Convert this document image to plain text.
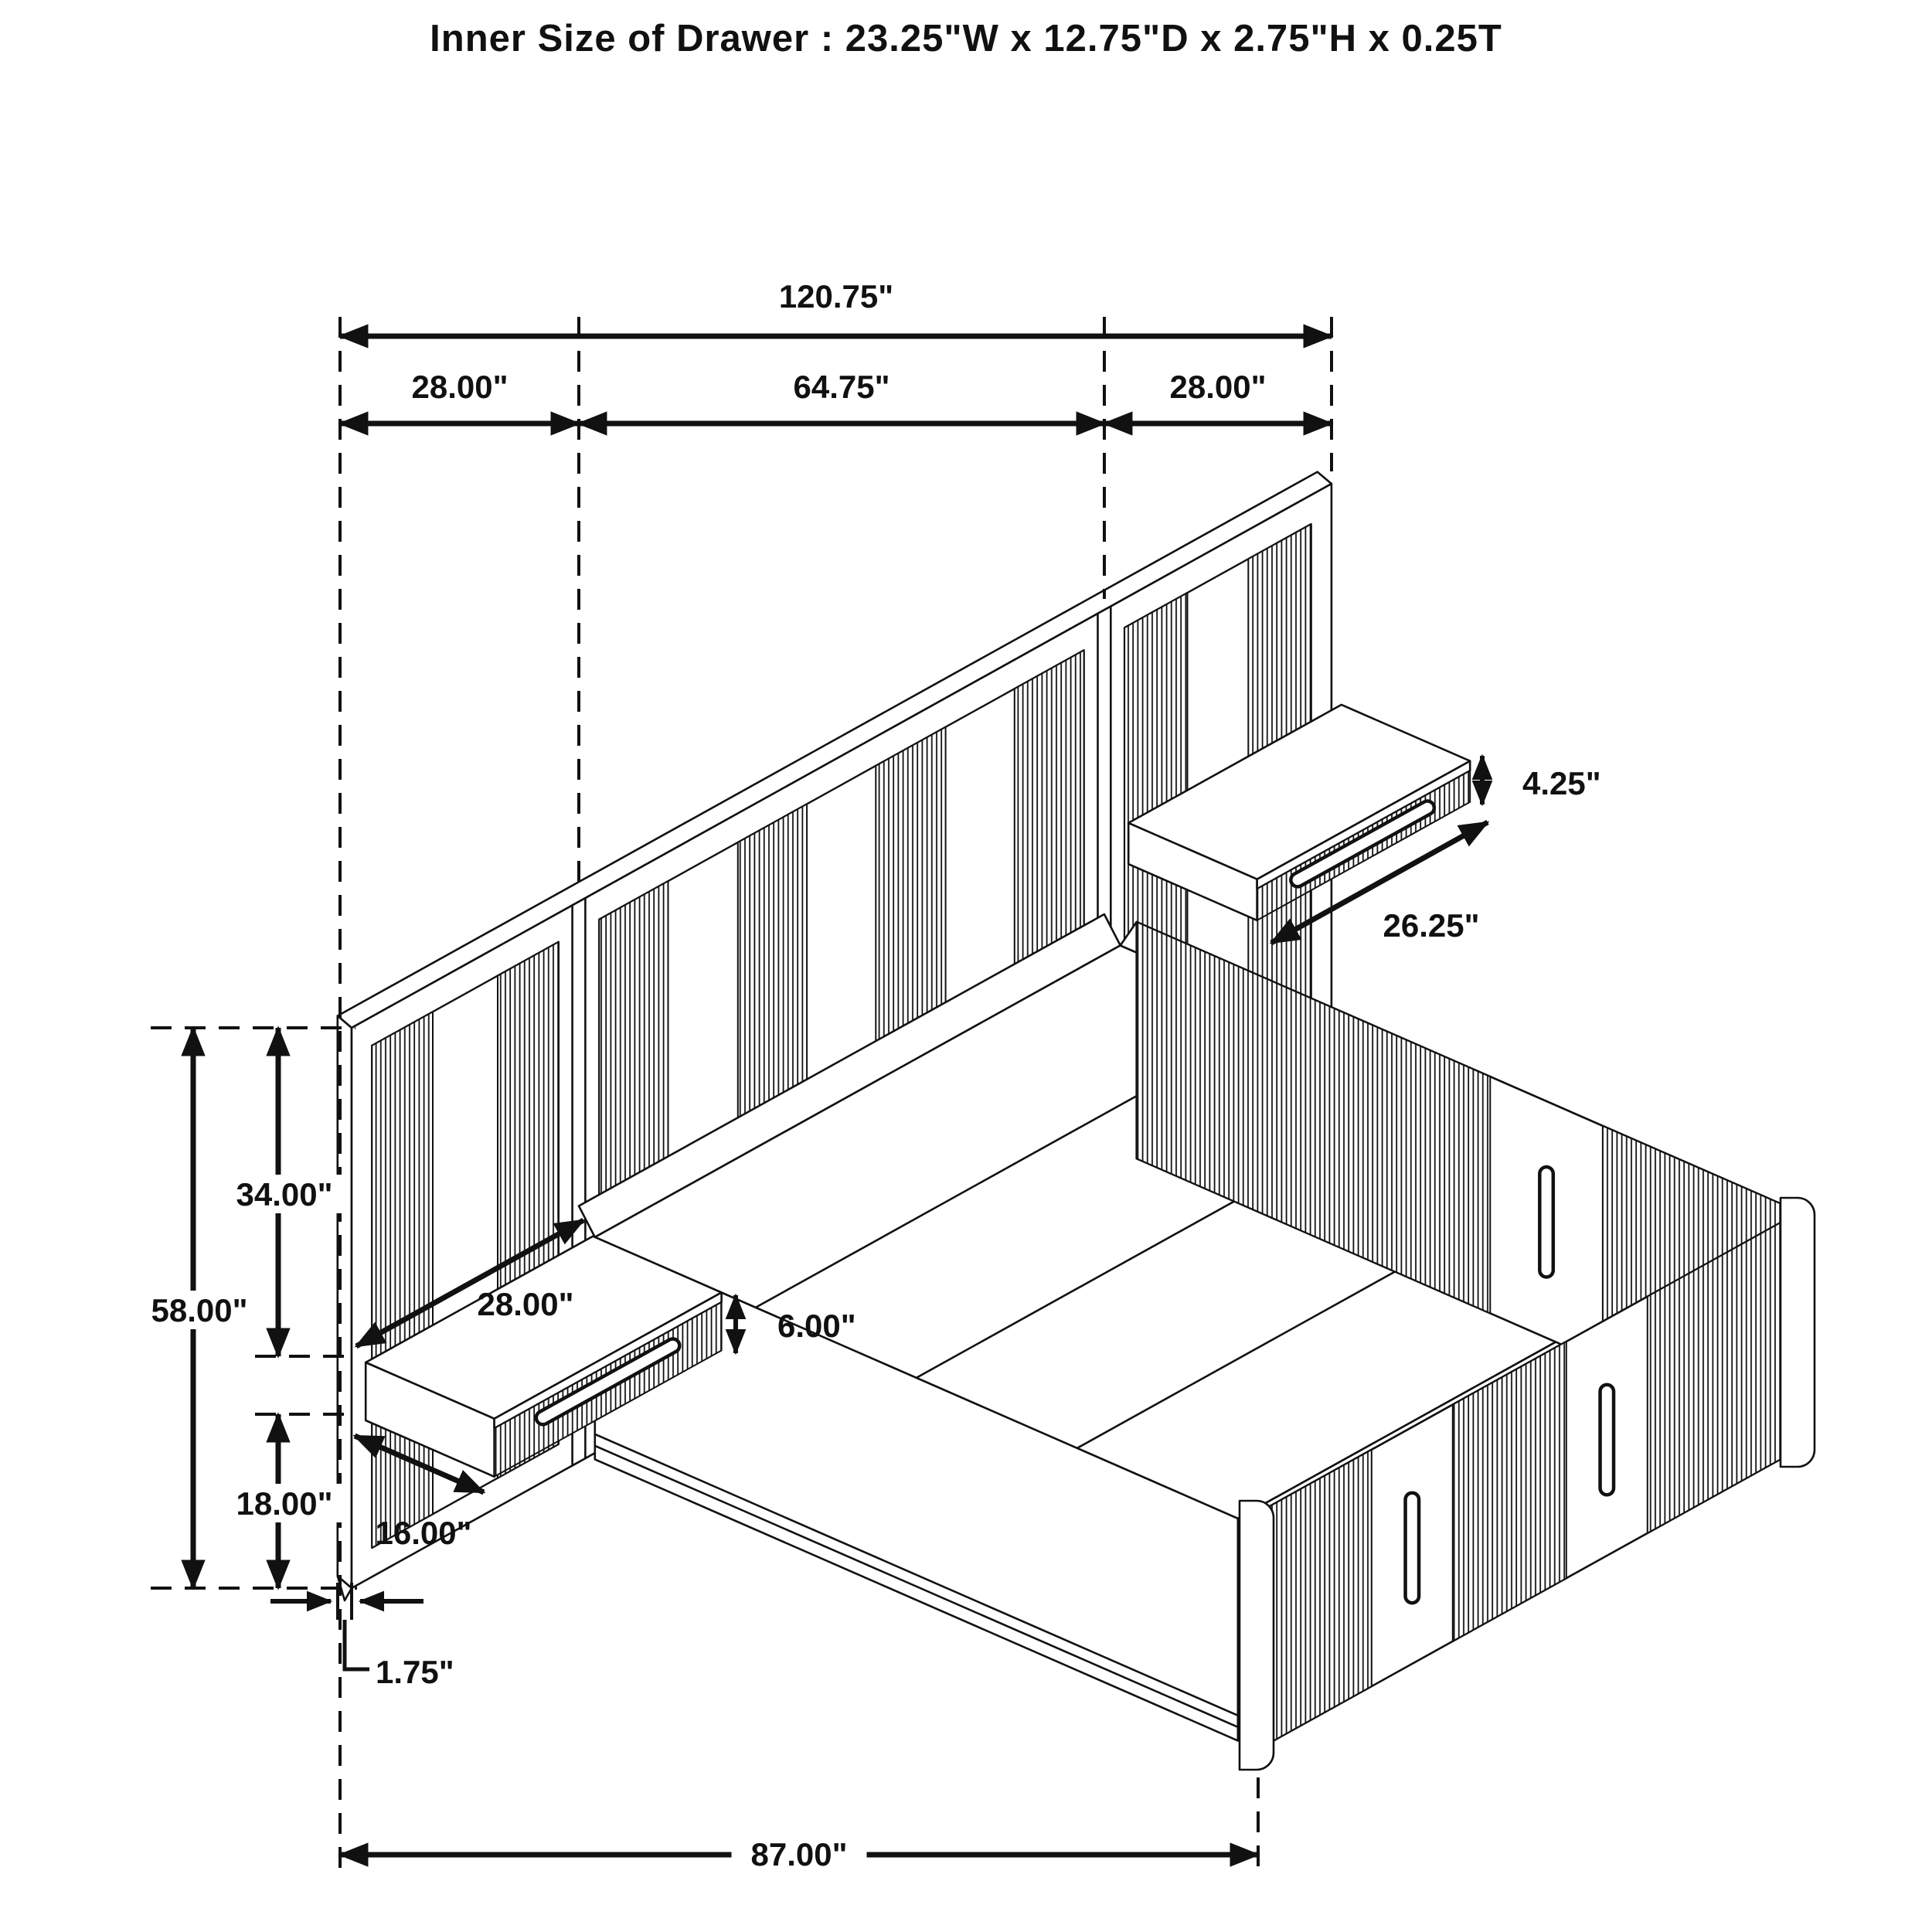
120.75"
28.00"	64.75"	28.00"
58.00"
34.00"
18.00"
28.00"
6.00"
16.00"
1.75"
87.00"
4.25"
26.25"
Inner Size of Drawer : 23.25"W x 12.75"D x 2.75"H x 0.25T
